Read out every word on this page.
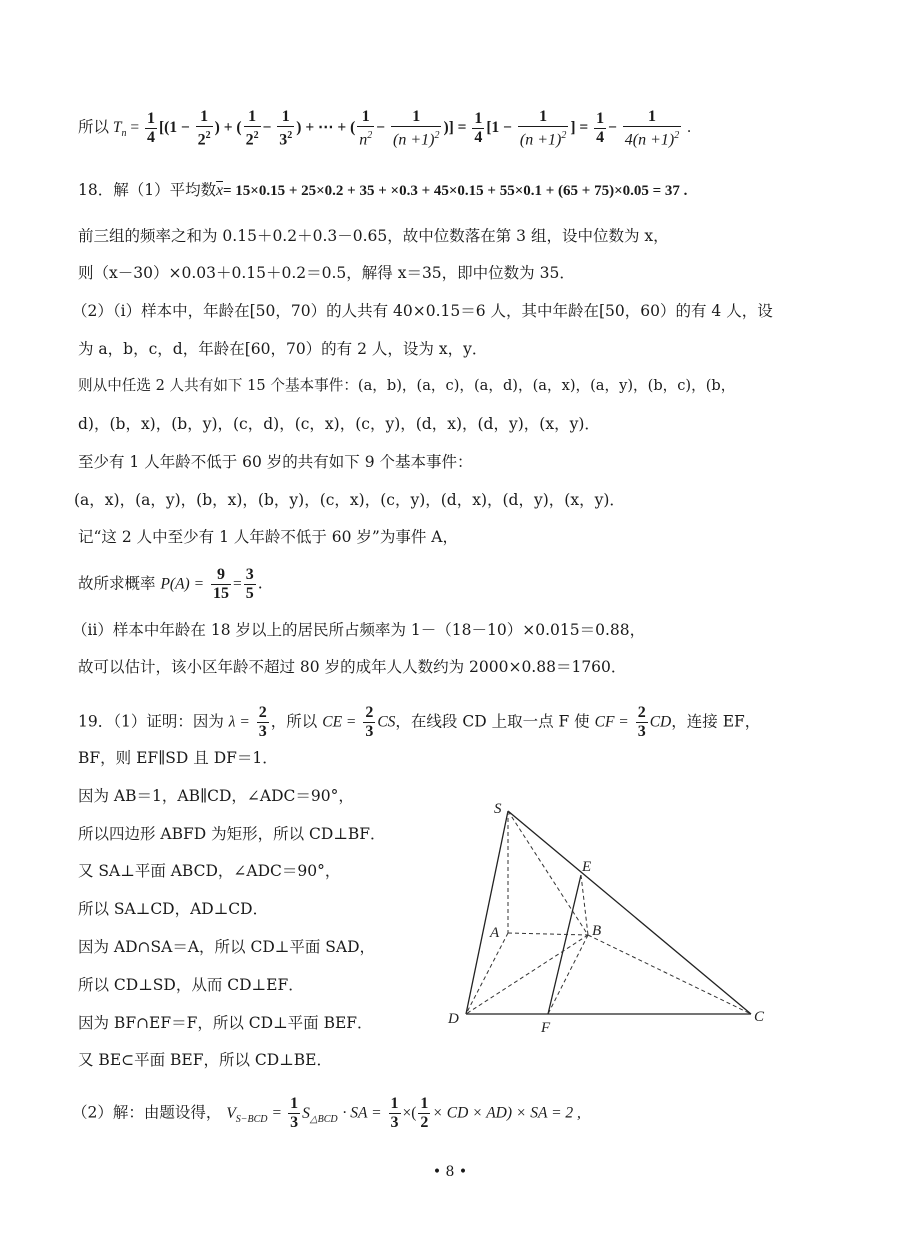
所以 $T_n = \frac{1}{4} [(1 - \frac{1}{2^2}$ ) + ( $\frac{1}{2^2} - \frac{1}{3^2}$ ) + ⋯ + ( $\frac{1}{n^2} - \frac{1}{(n +1)^2}$ )] = $\frac{1}{4} [1 - \frac{1}{(n +1)^2}$ ] = $\frac{1}{4} - \frac{1}{4(n +1)^2}$ .
18．解（1）平均数$\overline{x}= 15\times 0.15 + 25\times 0.2 + 35 + \times 0.3 + 45\times 0.15 + 55\times 0.1 + (65 + 75)\times 0.05 = 37$ .
前三组的频率之和为 0.15＋0.2＋0.3－0.65，故中位数落在第 3 组，设中位数为 x，
则（x－30）×0.03＋0.15＋0.2＝0.5，解得 x＝35，即中位数为 35．
（2）（ⅰ）样本中，年龄在[50，70）的人共有 40×0.15＝6 人，其中年龄在[50，60）的有 4 人，设
为 a，b，c，d，年龄在[60，70）的有 2 人，设为 x，y．
则从中任选 2 人共有如下 15 个基本事件：(a，b)，(a，c)，(a，d)，(a，x)，(a，y)，(b，c)，(b，
d)，(b，x)，(b，y)，(c，d)，(c，x)，(c，y)，(d，x)，(d，y)，(x，y)．
至少有 1 人年龄不低于 60 岁的共有如下 9 个基本事件：
(a，x)，(a，y)，(b，x)，(b，y)，(c，x)，(c，y)，(d，x)，(d，y)，(x，y)．
记“这 2 人中至少有 1 人年龄不低于 60 岁”为事件 A，
故所求概率 $P(A) = \frac{9}{15} = \frac{3}{5}$ .
（ⅱ）样本中年龄在 18 岁以上的居民所占频率为 1－（18－10）×0.015＝0.88，
故可以估计，该小区年龄不超过 80 岁的成年人人数约为 2000×0.88＝1760．
19．（1）证明：因为 $\lambda = \frac{2}{3}$ ，所以 CE = $\frac{2}{3}$ CS，在线段 CD 上取一点 F 使 CF = $\frac{2}{3}$ CD，连接 EF，
BF，则 EF∥SD 且 DF＝1．
因为 AB＝1，AB∥CD，∠ADC＝90°，
所以四边形 ABFD 为矩形，所以 CD⊥BF．
又 SA⊥平面 ABCD，∠ADC＝90°，
所以 SA⊥CD，AD⊥CD．
因为 AD∩SA＝A，所以 CD⊥平面 SAD，
所以 CD⊥SD，从而 CD⊥EF．
因为 BF∩EF＝F，所以 CD⊥平面 BEF．
又 BE⊂平面 BEF，所以 CD⊥BE．
（2）解：由题设得， $V_{S-BCD} = \frac{1}{3} S_{\triangle BCD}$ · SA = $\frac{1}{3}$ ×( $\frac{1}{2}$ × CD × AD) × SA = 2 ,
S
E
A	B
D
F
C
• 8 •
